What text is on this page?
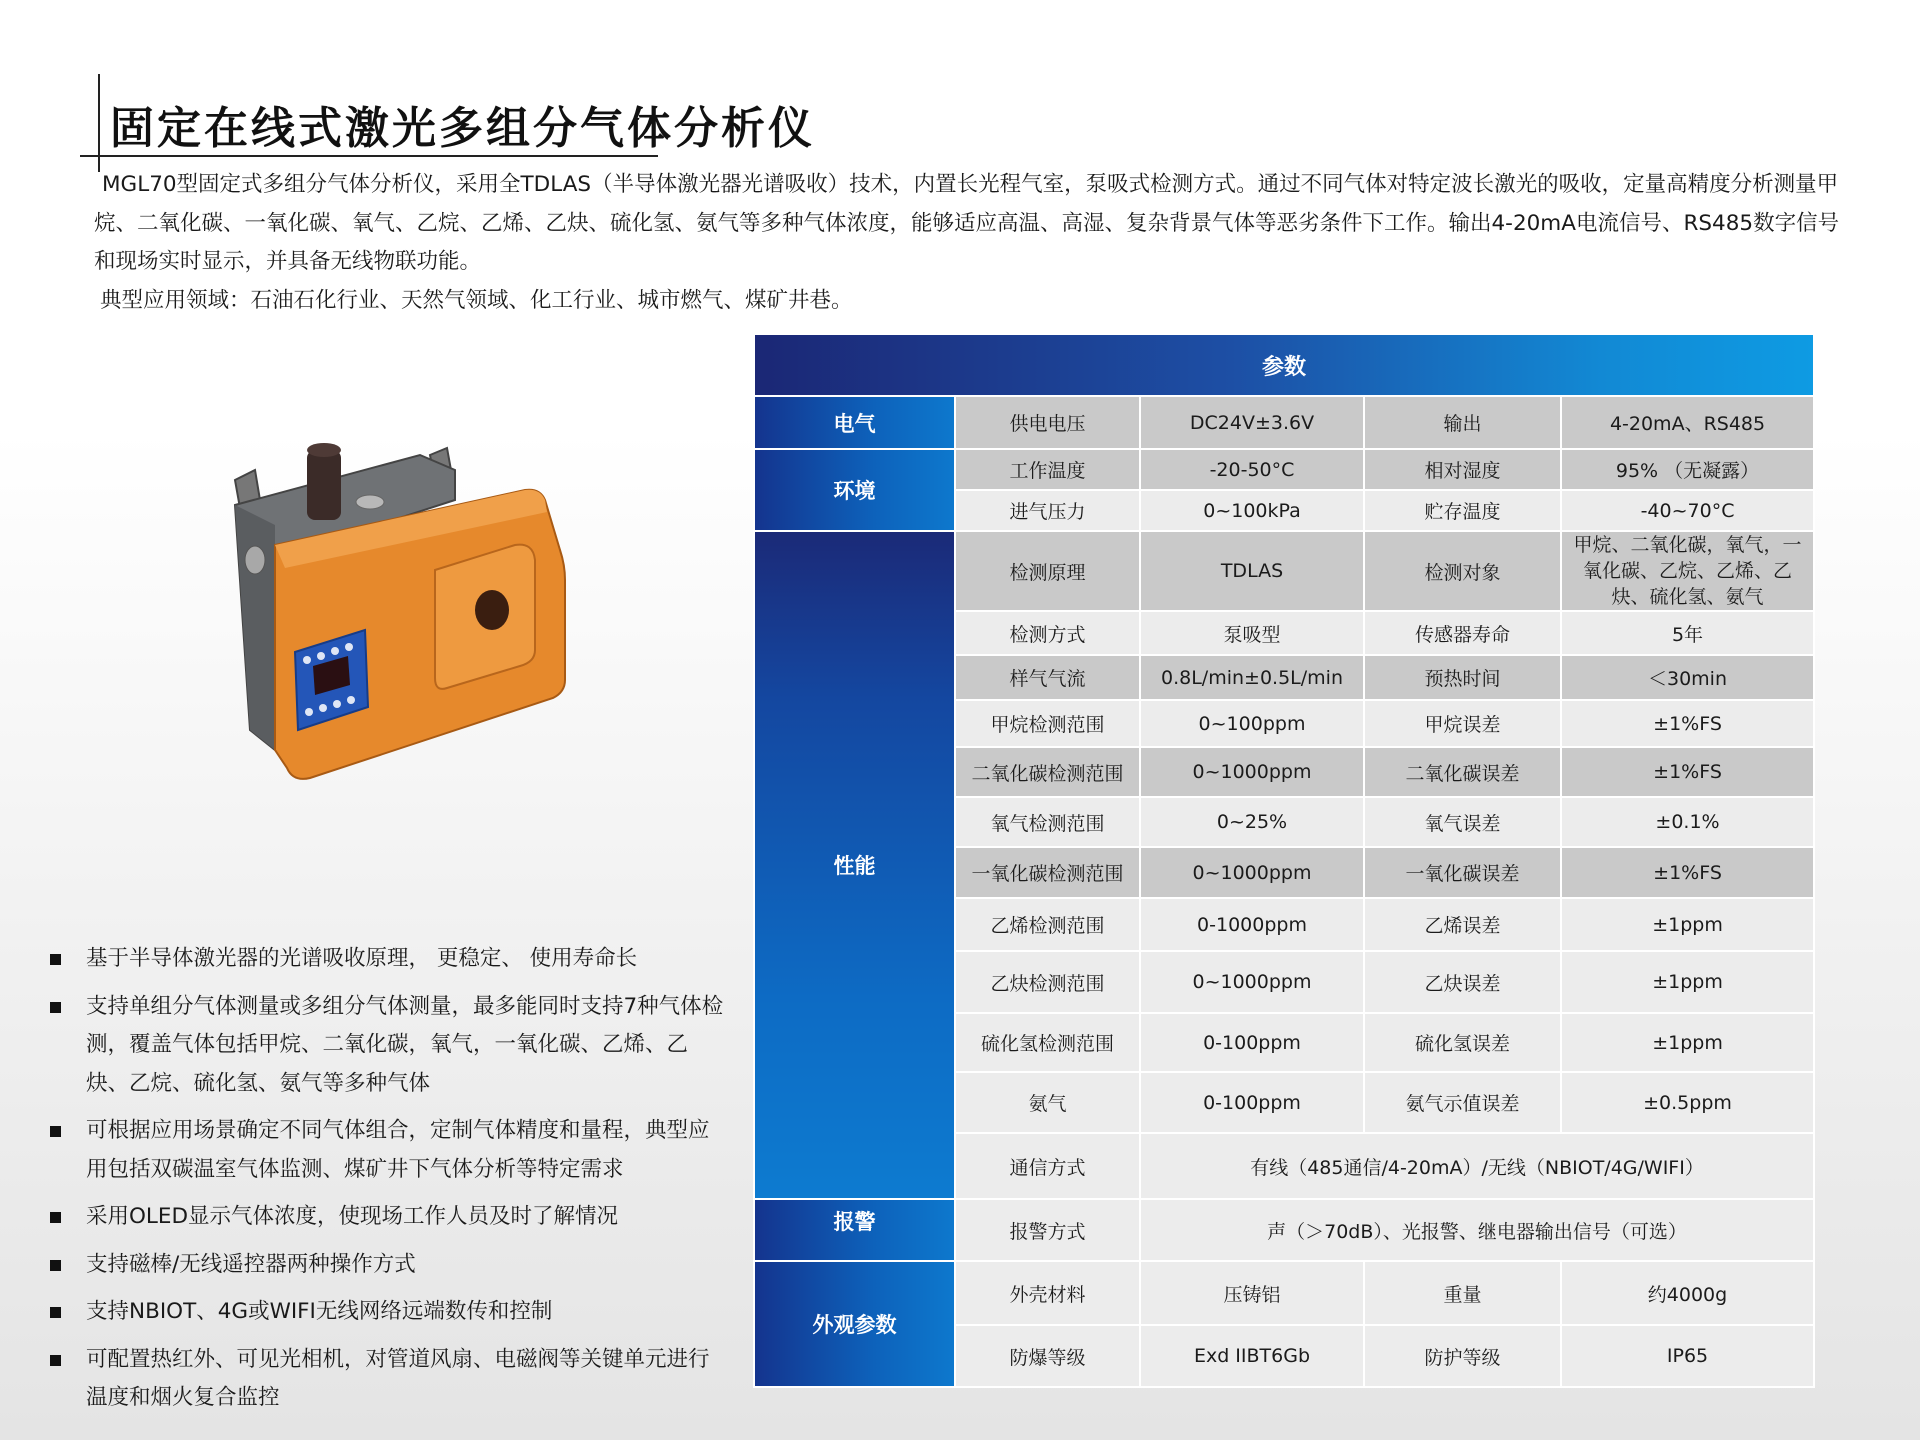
固定在线式激光多组分气体分析仪
MGL70型固定式多组分气体分析仪，采用全TDLAS（半导体激光器光谱吸收）技术，内置长光程气室，泵吸式检测方式。通过不同气体对特定波长激光的吸收，定量高精度分析测量甲烷、二氧化碳、一氧化碳、氧气、乙烷、乙烯、乙炔、硫化氢、氨气等多种气体浓度，能够适应高温、高湿、复杂背景气体等恶劣条件下工作。输出4-20mA电流信号、RS485数字信号和现场实时显示，并具备无线物联功能。
典型应用领域：石油石化行业、天然气领域、化工行业、城市燃气、煤矿井巷。
基于半导体激光器的光谱吸收原理， 更稳定、 使用寿命长
支持单组分气体测量或多组分气体测量，最多能同时支持7种气体检测，覆盖气体包括甲烷、二氧化碳，氧气，一氧化碳、乙烯、乙炔、乙烷、硫化氢、氨气等多种气体
可根据应用场景确定不同气体组合，定制气体精度和量程，典型应用包括双碳温室气体监测、煤矿井下气体分析等特定需求
采用OLED显示气体浓度，使现场工作人员及时了解情况
支持磁棒/无线遥控器两种操作方式
支持NBIOT、4G或WIFI无线网络远端数传和控制
可配置热红外、可见光相机，对管道风扇、电磁阀等关键单元进行温度和烟火复合监控
参数				
电气	供电电压	DC24V±3.6V	输出	4-20mA、RS485
环境	工作温度	-20-50°C	相对湿度	95% （无凝露）
	进气压力	0~100kPa	贮存温度	-40~70°C
性能	检测原理	TDLAS	检测对象	甲烷、二氧化碳，氧气，一氧化碳、乙烷、乙烯、乙炔、硫化氢、氨气
	检测方式	泵吸型	传感器寿命	5年
	样气气流	0.8L/min±0.5L/min	预热时间	＜30min
	甲烷检测范围	0~100ppm	甲烷误差	±1%FS
	二氧化碳检测范围	0~1000ppm	二氧化碳误差	±1%FS
	氧气检测范围	0~25%	氧气误差	±0.1%
	一氧化碳检测范围	0~1000ppm	一氧化碳误差	±1%FS
	乙烯检测范围	0-1000ppm	乙烯误差	±1ppm
	乙炔检测范围	0~1000ppm	乙炔误差	±1ppm
	硫化氢检测范围	0-100ppm	硫化氢误差	±1ppm
	氨气	0-100ppm	氨气示值误差	±0.5ppm
	通信方式	有线（485通信/4-20mA）/无线（NBIOT/4G/WIFI）		
报警	报警方式	声（＞70dB）、光报警、继电器输出信号（可选）		
外观参数	外壳材料	压铸铝	重量	约4000g
	防爆等级	Exd IIBT6Gb	防护等级	IP65
